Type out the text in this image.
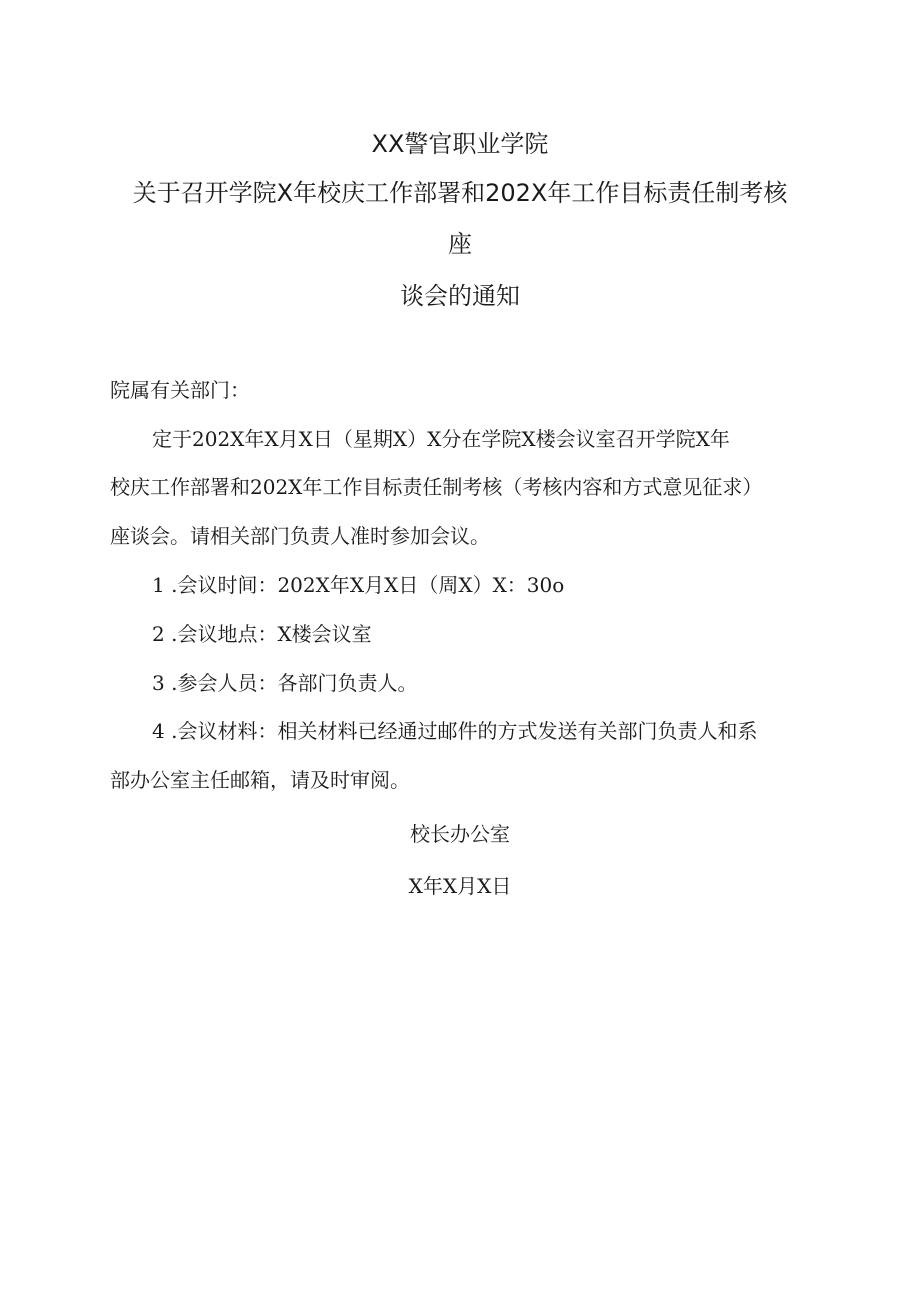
XX警官职业学院
关于召开学院X年校庆工作部署和202X年工作目标责任制考核
座
谈会的通知
院属有关部门：
定于202X年X月X日（星期X）X分在学院X楼会议室召开学院X年
校庆工作部署和202X年工作目标责任制考核（考核内容和方式意见征求）
座谈会。请相关部门负责人准时参加会议。
1 .会议时间：202X年X月X日（周X）X：30o
2 .会议地点：X楼会议室
3 .参会人员：各部门负责人。
4 .会议材料：相关材料已经通过邮件的方式发送有关部门负责人和系
部办公室主任邮箱，请及时审阅。
校长办公室
X年X月X日
